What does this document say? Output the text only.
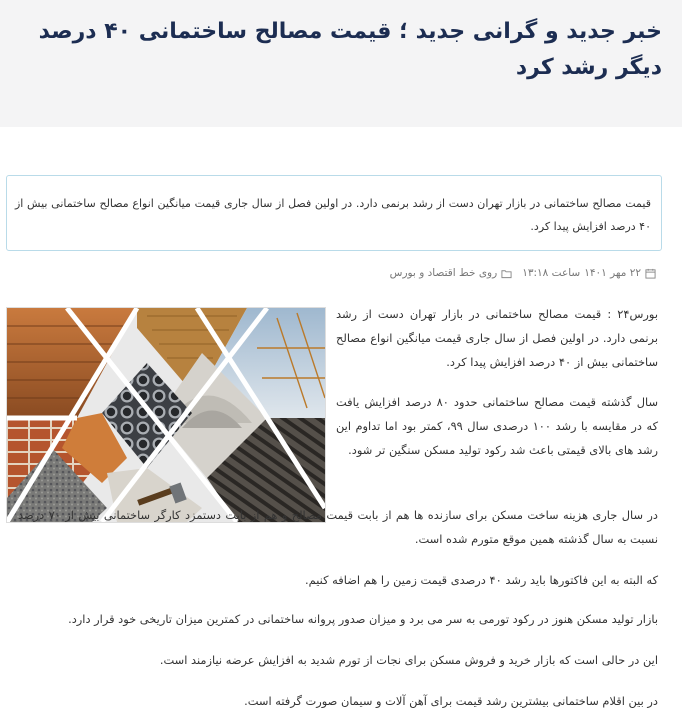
خبر جدید و گرانی جدید ؛ قیمت مصالح ساختمانی ۴۰ درصد دیگر رشد کرد

قیمت مصالح ساختمانی در بازار تهران دست از رشد برنمی دارد. در اولین فصل از سال جاری قیمت میانگین انواع مصالح ساختمانی بیش از ۴۰ درصد افزایش پیدا کرد.

۲۲ مهر ۱۴۰۱
ساعت ۱۳:۱۸
روی خط اقتصاد و بورس

بورس۲۴ : قیمت مصالح ساختمانی در بازار تهران دست از رشد برنمی دارد. در اولین فصل از سال جاری قیمت میانگین انواع مصالح ساختمانی بیش از ۴۰ درصد افزایش پیدا کرد.

سال گذشته قیمت مصالح ساختمانی حدود ۸۰ درصد افزایش یافت که در مقایسه با رشد ۱۰۰ درصدی سال ۹۹، کمتر بود اما تداوم این رشد های بالای قیمتی باعث شد رکود تولید مسکن سنگین تر شود.

در سال جاری هزینه ساخت مسکن برای سازنده ها هم از بابت قیمت مصالح و هم از بابت دستمزد کارگر ساختمانی بیش از ۷۰ درصد نسبت به سال گذشته همین موقع متورم شده است.

که البته به این فاکتورها باید رشد ۴۰ درصدی قیمت زمین را هم اضافه کنیم.

بازار تولید مسکن هنوز در رکود تورمی به سر می برد و میزان صدور پروانه ساختمانی در کمترین میزان تاریخی خود قرار دارد.

این در حالی است که بازار خرید و فروش مسکن برای نجات از تورم شدید به افزایش عرضه نیازمند است.

در بین اقلام ساختمانی بیشترین رشد قیمت برای آهن آلات و سیمان صورت گرفته است.
